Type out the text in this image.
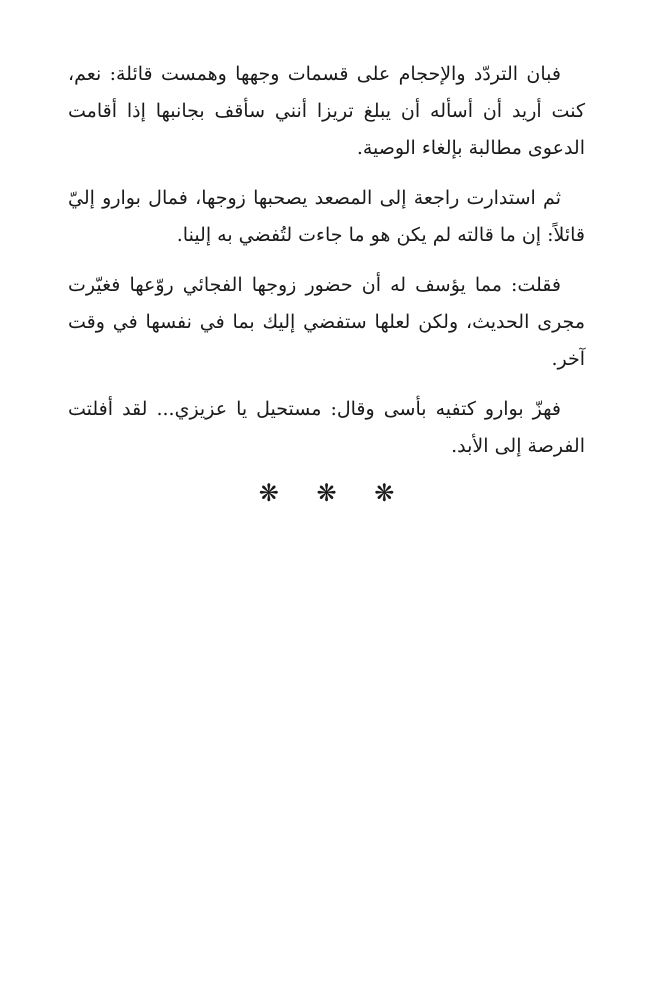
فبان التردّد والإحجام على قسمات وجهها وهمست قائلة: نعم، كنت أريد أن أسأله أن يبلغ تريزا أنني سأقف بجانبها إذا أقامت الدعوى مطالبة بإلغاء الوصية.

ثم استدارت راجعة إلى المصعد يصحبها زوجها، فمال بوارو إليّ قائلاً: إن ما قالته لم يكن هو ما جاءت لتُفضي به إلينا.

فقلت: مما يؤسف له أن حضور زوجها الفجائي روّعها فغيّرت مجرى الحديث، ولكن لعلها ستفضي إليك بما في نفسها في وقت آخر.

فهزّ بوارو كتفيه بأسى وقال: مستحيل يا عزيزي... لقد أفلتت الفرصة إلى الأبد.

❋ ❋ ❋
